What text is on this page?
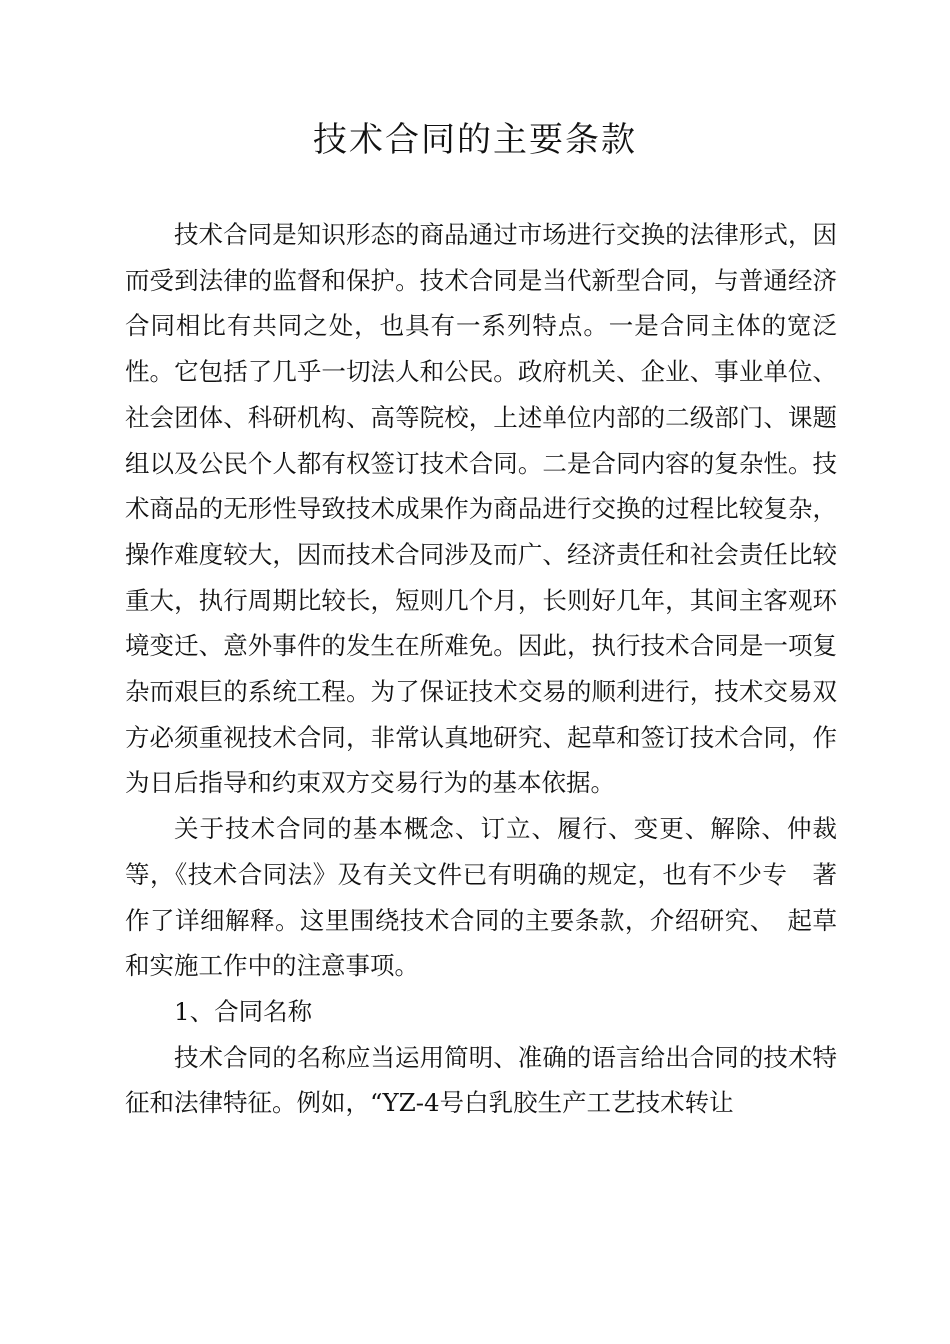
技术合同的主要条款

技术合同是知识形态的商品通过市场进行交换的法律形式，因而受到法律的监督和保护。技术合同是当代新型合同，与普通经济合同相比有共同之处，也具有一系列特点。一是合同主体的宽泛性。它包括了几乎一切法人和公民。政府机关、企业、事业单位、社会团体、科研机构、高等院校，上述单位内部的二级部门、课题组以及公民个人都有权签订技术合同。二是合同内容的复杂性。技术商品的无形性导致技术成果作为商品进行交换的过程比较复杂，操作难度较大，因而技术合同涉及而广、经济责任和社会责任比较重大，执行周期比较长，短则几个月，长则好几年，其间主客观环境变迁、意外事件的发生在所难免。因此，执行技术合同是一项复杂而艰巨的系统工程。为了保证技术交易的顺利进行，技术交易双方必须重视技术合同，非常认真地研究、起草和签订技术合同，作为日后指导和约束双方交易行为的基本依据。

关于技术合同的基本概念、订立、履行、变更、解除、仲裁等，《技术合同法》及有关文件已有明确的规定，也有不少专　著作了详细解释。这里围绕技术合同的主要条款，介绍研究、　起草和实施工作中的注意事项。

1、合同名称

技术合同的名称应当运用简明、准确的语言给出合同的技术特征和法律特征。例如，“YZ-4号白乳胶生产工艺技术转让
